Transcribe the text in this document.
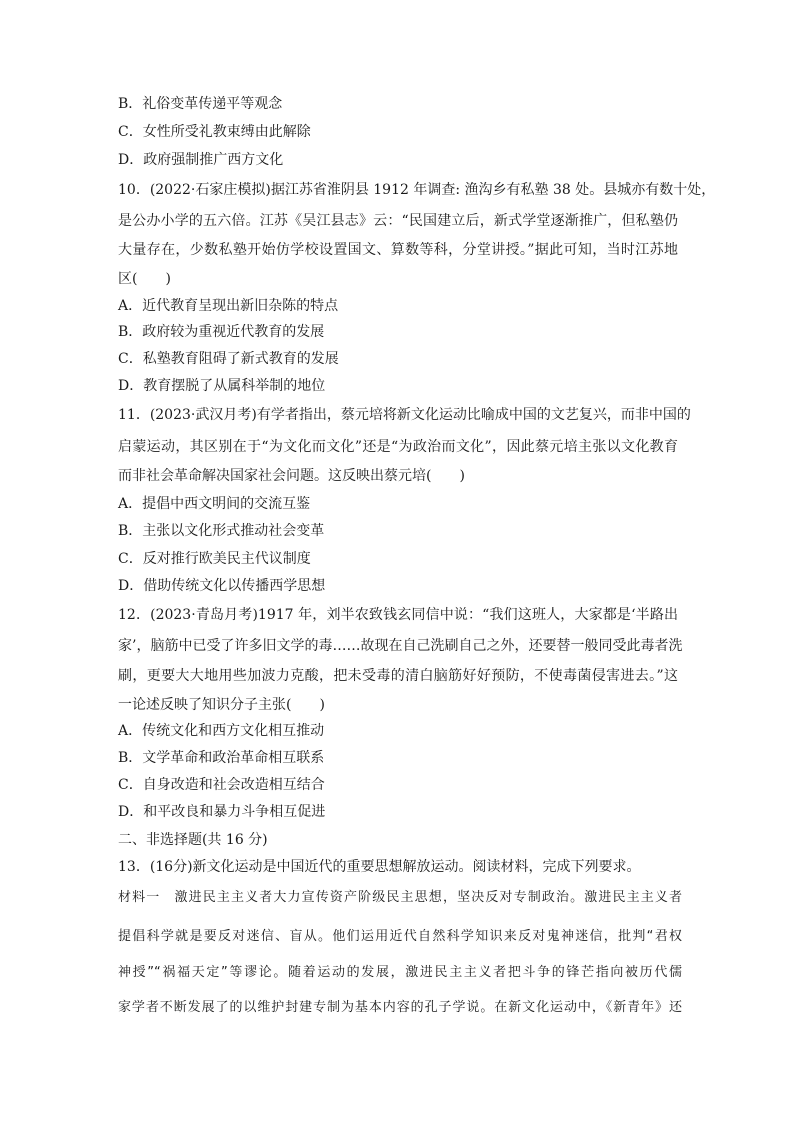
B．礼俗变革传递平等观念
C．女性所受礼教束缚由此解除
D．政府强制推广西方文化
10．(2022·石家庄模拟)据江苏省淮阴县 1912 年调查: 渔沟乡有私塾 38 处。县城亦有数十处，
是公办小学的五六倍。江苏《吴江县志》云：“民国建立后，新式学堂逐渐推广，但私塾仍
大量存在，少数私塾开始仿学校设置国文、算数等科，分堂讲授。”据此可知，当时江苏地
区(　　)
A．近代教育呈现出新旧杂陈的特点
B．政府较为重视近代教育的发展
C．私塾教育阻碍了新式教育的发展
D．教育摆脱了从属科举制的地位
11．(2023·武汉月考)有学者指出，蔡元培将新文化运动比喻成中国的文艺复兴，而非中国的
启蒙运动，其区别在于“为文化而文化”还是“为政治而文化”，因此蔡元培主张以文化教育
而非社会革命解决国家社会问题。这反映出蔡元培(　　)
A．提倡中西文明间的交流互鉴
B．主张以文化形式推动社会变革
C．反对推行欧美民主代议制度
D．借助传统文化以传播西学思想
12．(2023·青岛月考)1917 年，刘半农致钱玄同信中说：“我们这班人，大家都是‘半路出
家’，脑筋中已受了许多旧文学的毒……故现在自己洗刷自己之外，还要替一般同受此毒者洗
刷，更要大大地用些加波力克酸，把未受毒的清白脑筋好好预防，不使毒菌侵害进去。”这
一论述反映了知识分子主张(　　)
A．传统文化和西方文化相互推动
B．文学革命和政治革命相互联系
C．自身改造和社会改造相互结合
D．和平改良和暴力斗争相互促进
二、非选择题(共 16 分)
13．(16分)新文化运动是中国近代的重要思想解放运动。阅读材料，完成下列要求。
材料一　激进民主主义者大力宣传资产阶级民主思想，坚决反对专制政治。激进民主主义者
提倡科学就是要反对迷信、盲从。他们运用近代自然科学知识来反对鬼神迷信，批判“君权
神授”“祸福天定”等谬论。随着运动的发展，激进民主主义者把斗争的锋芒指向被历代儒
家学者不断发展了的以维护封建专制为基本内容的孔子学说。在新文化运动中，《新青年》还
